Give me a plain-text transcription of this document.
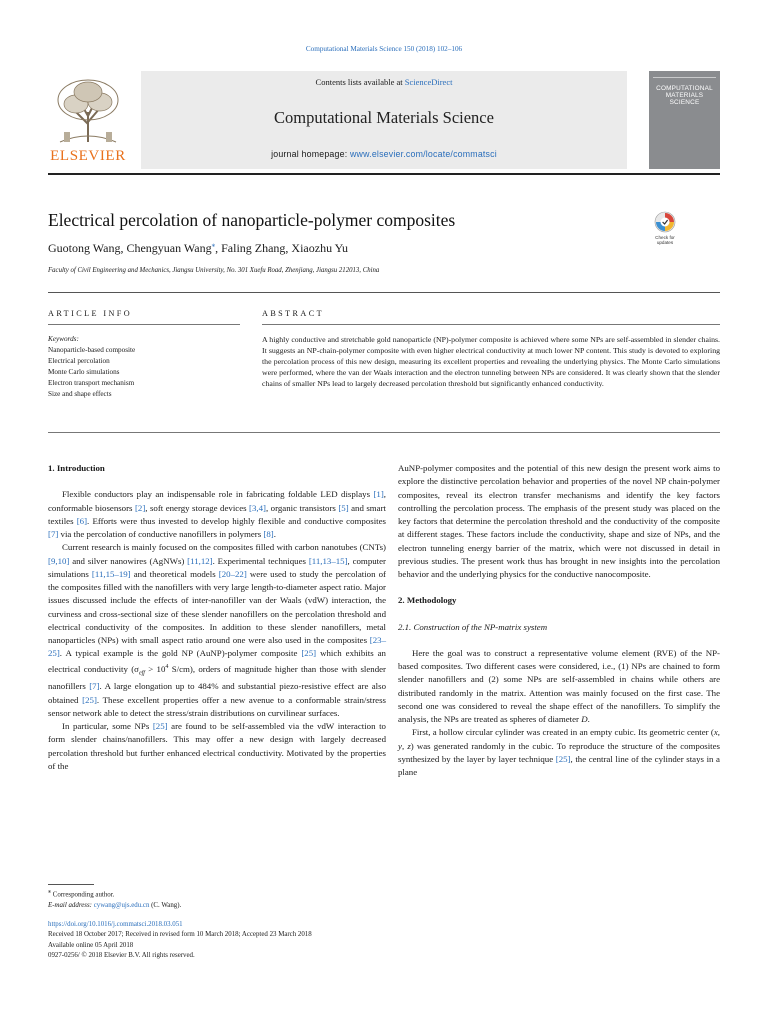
Computational Materials Science 150 (2018) 102–106
ELSEVIER
Contents lists available at ScienceDirect
Computational Materials Science
journal homepage: www.elsevier.com/locate/commatsci
COMPUTATIONAL
MATERIALS
SCIENCE
Electrical percolation of nanoparticle-polymer composites
Check for
updates
Guotong Wang, Chengyuan Wang⁎, Faling Zhang, Xiaozhu Yu
Faculty of Civil Engineering and Mechanics, Jiangsu University, No. 301 Xuefu Road, Zhenjiang, Jiangsu 212013, China
ARTICLE INFO	ABSTRACT
Keywords:
Nanoparticle-based composite
Electrical percolation
Monte Carlo simulations
Electron transport mechanism
Size and shape effects
A highly conductive and stretchable gold nanoparticle (NP)-polymer composite is achieved where some NPs are self-assembled in slender chains. It suggests an NP-chain-polymer composite with even higher electrical conductivity at much lower NP content. This study is devoted to exploring the percolation process of this new design, measuring its excellent properties and revealing the underlying physics. The Monte Carlo simulations were performed, where the van der Waals interaction and the electron tunneling between NPs are considered. It was clearly shown that the slender chains of smaller NPs lead to largely decreased percolation threshold but significantly enhanced conductivity.
1. Introduction

Flexible conductors play an indispensable role in fabricating foldable LED displays [1], conformable biosensors [2], soft energy storage devices [3,4], organic transistors [5] and smart textiles [6]. Efforts were thus invested to develop highly flexible and conductive composites [7] via the percolation of conductive nanofillers in polymers [8].

Current research is mainly focused on the composites filled with carbon nanotubes (CNTs) [9,10] and silver nanowires (AgNWs) [11,12]. Experimental techniques [11,13–15], computer simulations [11,15–19] and theoretical models [20–22] were used to study the percolation of the composites filled with the nanofillers with very large length-to-diameter aspect ratio. Major issues discussed include the effects of inter-nanofiller van der Waals (vdW) interaction, the curviness and cross-sectional size of these slender nanofillers on the percolation threshold and electrical conductivity of the composites. In addition to these slender nanofillers, metal nanoparticles (NPs) with small aspect ratio around one were also used in the composites [23–25]. A typical example is the gold NP (AuNP)-polymer composite [25] which exhibits an electrical conductivity ($\sigma_{eff} > 10^4$ S/cm), orders of magnitude higher than those with slender nanofillers [7]. A large elongation up to 484% and substantial piezo-resistive effect are also obtained [25]. These excellent properties offer a new avenue to a conformable strain/stress sensor network able to detect the stress/strain distributions on curvilinear surfaces.

In particular, some NPs [25] are found to be self-assembled via the vdW interaction to form slender chains/nanofillers. This may offer a new design with largely decreased percolation threshold but further enhanced electrical conductivity. Motivated by the properties of the

AuNP-polymer composites and the potential of this new design the present work aims to explore the distinctive percolation behavior and properties of the novel NP chain-polymer composites, reveal its electron transfer mechanisms and identify the key factors controlling the percolation process. The emphasis of the present study was placed on the key factors that determine the percolation threshold and the conductivity of the composite at different stages. These factors include the conductivity, shape and size of NPs, and the electron tunneling energy barrier of the matrix, which were not discussed in detail in previous studies. The present work thus has brought in new insights into the percolation behavior and the underlying physics for the conductive nanocomposite.

2. Methodology
2.1. Construction of the NP-matrix system

Here the goal was to construct a representative volume element (RVE) of the NP-based composites. Two different cases were considered, i.e., (1) NPs are chained to form slender nanofillers and (2) some NPs are self-assembled in chains while others are distributed randomly in the matrix. Attention was mainly focused on the first case. The second one was considered to reveal the shape effect of the nanofillers. To simplify the analysis, the NPs are treated as spheres of diameter D.

First, a hollow circular cylinder was created in an empty cubic. Its geometric center (x, y, z) was generated randomly in the cubic. To reproduce the structure of the composites synthesized by the layer by layer technique [25], the central line of the cylinder stays in a plane

⁎ Corresponding author.
E-mail address: cywang@ujs.edu.cn (C. Wang).
https://doi.org/10.1016/j.commatsci.2018.03.051
Received 18 October 2017; Received in revised form 10 March 2018; Accepted 23 March 2018
Available online 05 April 2018
0927-0256/ © 2018 Elsevier B.V. All rights reserved.
